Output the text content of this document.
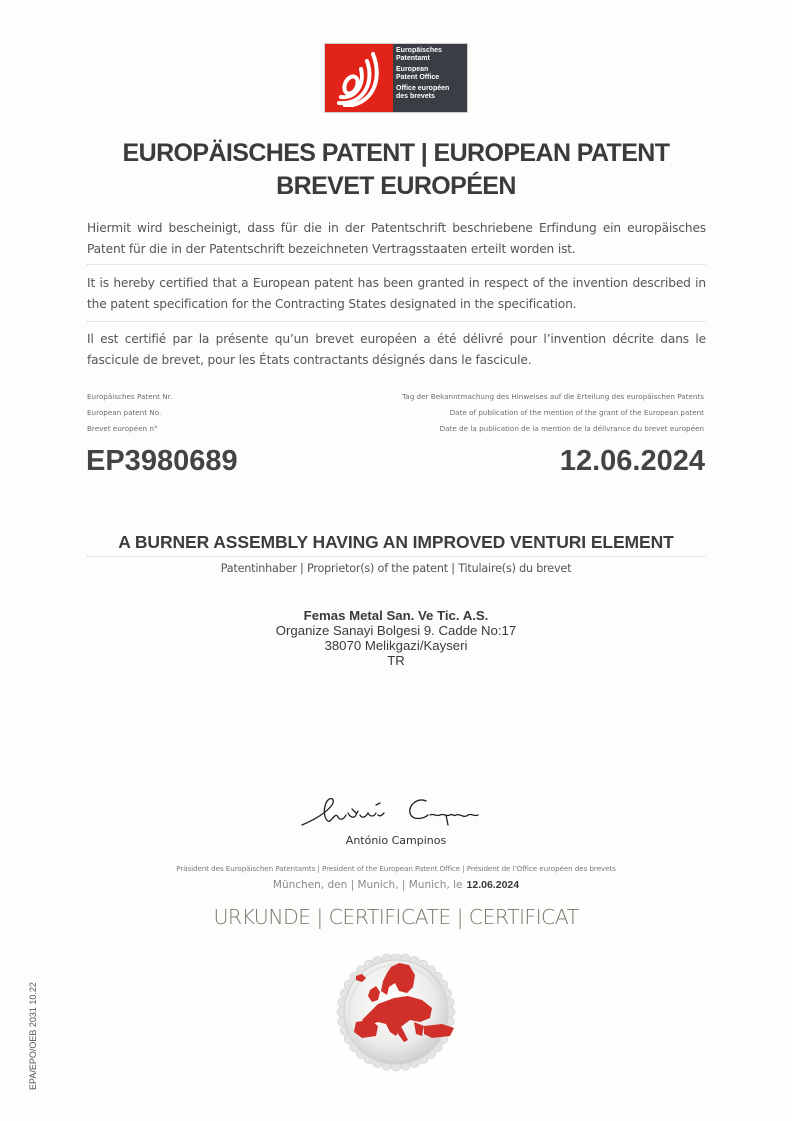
Europäisches
Patentamt
European
Patent Office
Office européen
des brevets
EUROPÄISCHES PATENT | EUROPEAN PATENT
BREVET EUROPÉEN
Hiermit wird bescheinigt, dass für die in der Patentschrift beschriebene Erfindung ein europäisches Patent für die in der Patentschrift bezeichneten Vertragsstaaten erteilt worden ist.
It is hereby certified that a European patent has been granted in respect of the invention described in the patent specification for the Contracting States designated in the specification.
Il est certifié par la présente qu’un brevet européen a été délivré pour l’invention décrite dans le fascicule de brevet, pour les États contractants désignés dans le fascicule.
Europäisches Patent Nr.
European patent No.
Brevet européen n°
Tag der Bekanntmachung des Hinweises auf die Erteilung des europäischen Patents
Date of publication of the mention of the grant of the European patent
Date de la publication de la mention de la délivrance du brevet européen
EP3980689	12.06.2024
A BURNER ASSEMBLY HAVING AN IMPROVED VENTURI ELEMENT
Patentinhaber | Proprietor(s) of the patent | Titulaire(s) du brevet
Femas Metal San. Ve Tic. A.S.
Organize Sanayi Bolgesi 9. Cadde No:17
38070 Melikgazi/Kayseri
TR
António Campinos
Präsident des Europäischen Patentamts | President of the European Patent Office | Président de l’Office européen des brevets
München, den | Munich, | Munich, le 12.06.2024
URKUNDE | CERTIFICATE | CERTIFICAT
EPA/EPO/OEB 2031 10.22
